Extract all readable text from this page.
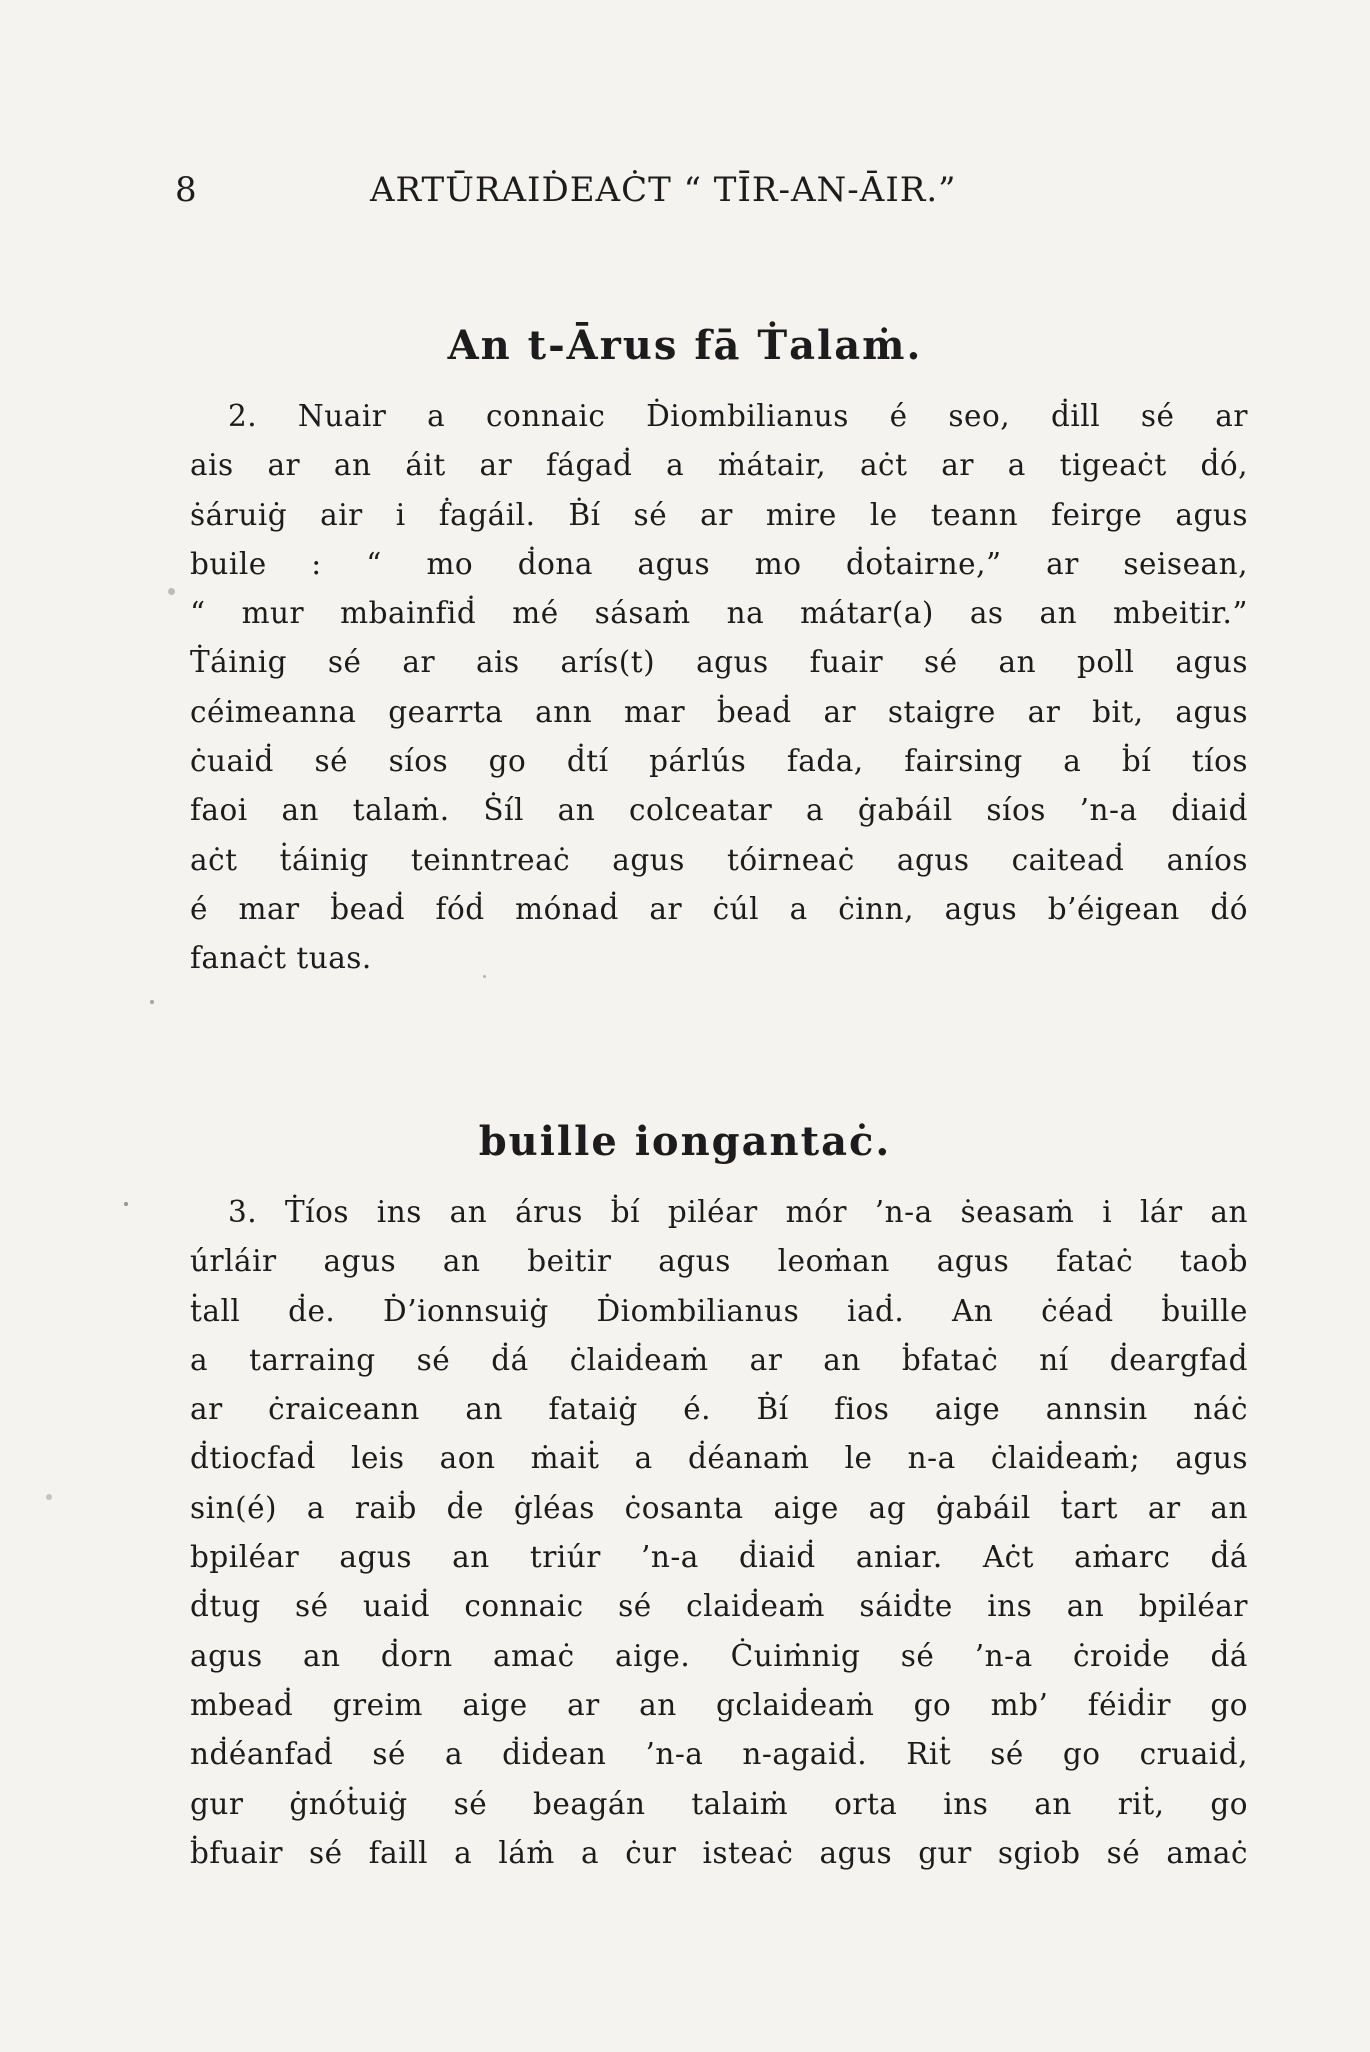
8	ARTŪRAIḊEAĊT “ TĪR-AN-ĀIR.”
An t-Ārus fā Ṫalaṁ.
2. Nuair a connaic Ḋiombilianus é seo, ḋill sé ar
ais ar an áit ar fágaḋ a ṁátair, aċt ar a tigeaċt ḋó,
ṡáruiġ air i ḟagáil. Ḃí sé ar mire le teann feirge agus
buile : “ mo ḋona agus mo ḋoṫairne,” ar seisean,
“ mur mbainfiḋ mé sásaṁ na mátar(a) as an mbeitir.”
Ṫáinig sé ar ais arís(t) agus fuair sé an poll agus
céimeanna gearrta ann mar ḃeaḋ ar staigre ar bit, agus
ċuaiḋ sé síos go ḋtí párlús fada, fairsing a ḃí tíos
faoi an talaṁ. Ṡíl an colceatar a ġabáil síos ’n-a ḋiaiḋ
aċt ṫáinig teinntreaċ agus tóirneaċ agus caiteaḋ aníos
é mar ḃeaḋ fóḋ mónaḋ ar ċúl a ċinn, agus b’éigean ḋó
fanaċt tuas.
buille iongantaċ.
3. Ṫíos ins an árus ḃí piléar mór ’n-a ṡeasaṁ i lár an
úrláir agus an beitir agus leoṁan agus fataċ taoḃ
ṫall ḋe. Ḋ’ionnsuiġ Ḋiombilianus iaḋ. An ċéaḋ ḃuille
a tarraing sé ḋá ċlaiḋeaṁ ar an ḃfataċ ní ḋeargfaḋ
ar ċraiceann an fataiġ é. Ḃí fios aige annsin náċ
ḋtiocfaḋ leis aon ṁaiṫ a ḋéanaṁ le n-a ċlaiḋeaṁ; agus
sin(é) a raiḃ ḋe ġléas ċosanta aige ag ġabáil ṫart ar an
bpiléar agus an triúr ’n-a ḋiaiḋ aniar. Aċt aṁarc ḋá
ḋtug sé uaiḋ connaic sé claiḋeaṁ sáiḋte ins an bpiléar
agus an ḋorn amaċ aige. Ċuiṁnig sé ’n-a ċroiḋe ḋá
mbeaḋ greim aige ar an gclaiḋeaṁ go mb’ féiḋir go
nḋéanfaḋ sé a ḋiḋean ’n-a n-agaiḋ. Riṫ sé go cruaiḋ,
gur ġnóṫuiġ sé beagán talaiṁ orta ins an riṫ, go
ḃfuair sé faill a láṁ a ċur isteaċ agus gur sgiob sé amaċ
